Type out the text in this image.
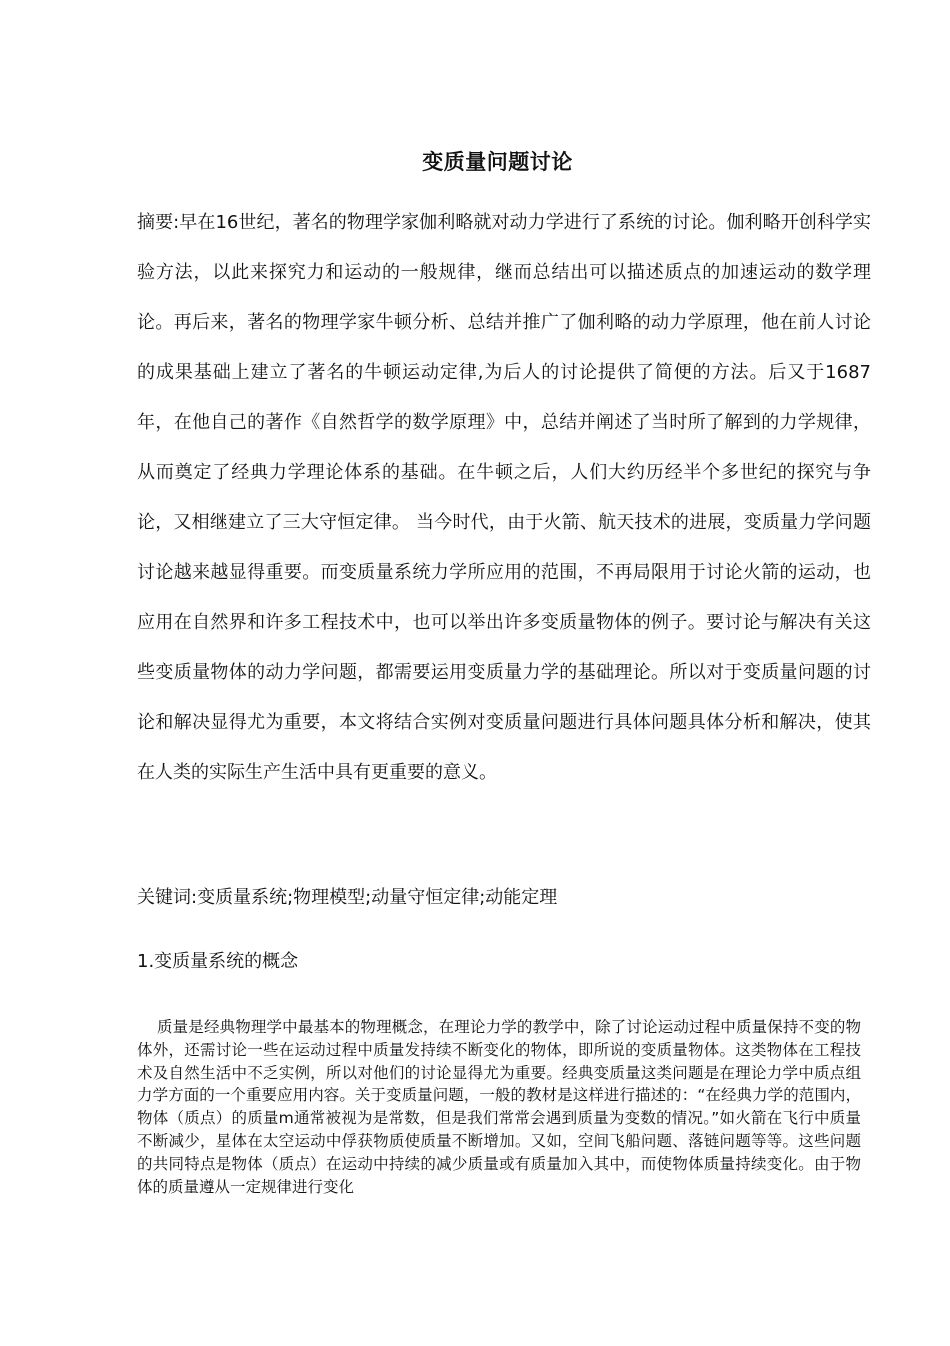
变质量问题讨论

摘要:早在16世纪，著名的物理学家伽利略就对动力学进行了系统的讨论。伽利略开创科学实验方法，以此来探究力和运动的一般规律，继而总结出可以描述质点的加速运动的数学理论。再后来，著名的物理学家牛顿分析、总结并推广了伽利略的动力学原理，他在前人讨论的成果基础上建立了著名的牛顿运动定律,为后人的讨论提供了简便的方法。后又于1687年，在他自己的著作《自然哲学的数学原理》中，总结并阐述了当时所了解到的力学规律，从而奠定了经典力学理论体系的基础。在牛顿之后，人们大约历经半个多世纪的探究与争论，又相继建立了三大守恒定律。 当今时代，由于火箭、航天技术的进展，变质量力学问题讨论越来越显得重要。而变质量系统力学所应用的范围，不再局限用于讨论火箭的运动，也应用在自然界和许多工程技术中，也可以举出许多变质量物体的例子。要讨论与解决有关这些变质量物体的动力学问题，都需要运用变质量力学的基础理论。所以对于变质量问题的讨论和解决显得尤为重要，本文将结合实例对变质量问题进行具体问题具体分析和解决，使其在人类的实际生产生活中具有更重要的意义。

关键词:变质量系统;物理模型;动量守恒定律;动能定理

1.变质量系统的概念

质量是经典物理学中最基本的物理概念，在理论力学的教学中，除了讨论运动过程中质量保持不变的物体外，还需讨论一些在运动过程中质量发持续不断变化的物体，即所说的变质量物体。这类物体在工程技术及自然生活中不乏实例，所以对他们的讨论显得尤为重要。经典变质量这类问题是在理论力学中质点组力学方面的一个重要应用内容。关于变质量问题，一般的教材是这样进行描述的：“在经典力学的范围内，物体（质点）的质量m通常被视为是常数，但是我们常常会遇到质量为变数的情况。”如火箭在飞行中质量不断减少，星体在太空运动中俘获物质使质量不断增加。又如，空间飞船问题、落链问题等等。这些问题的共同特点是物体（质点）在运动中持续的减少质量或有质量加入其中，而使物体质量持续变化。由于物体的质量遵从一定规律进行变化
